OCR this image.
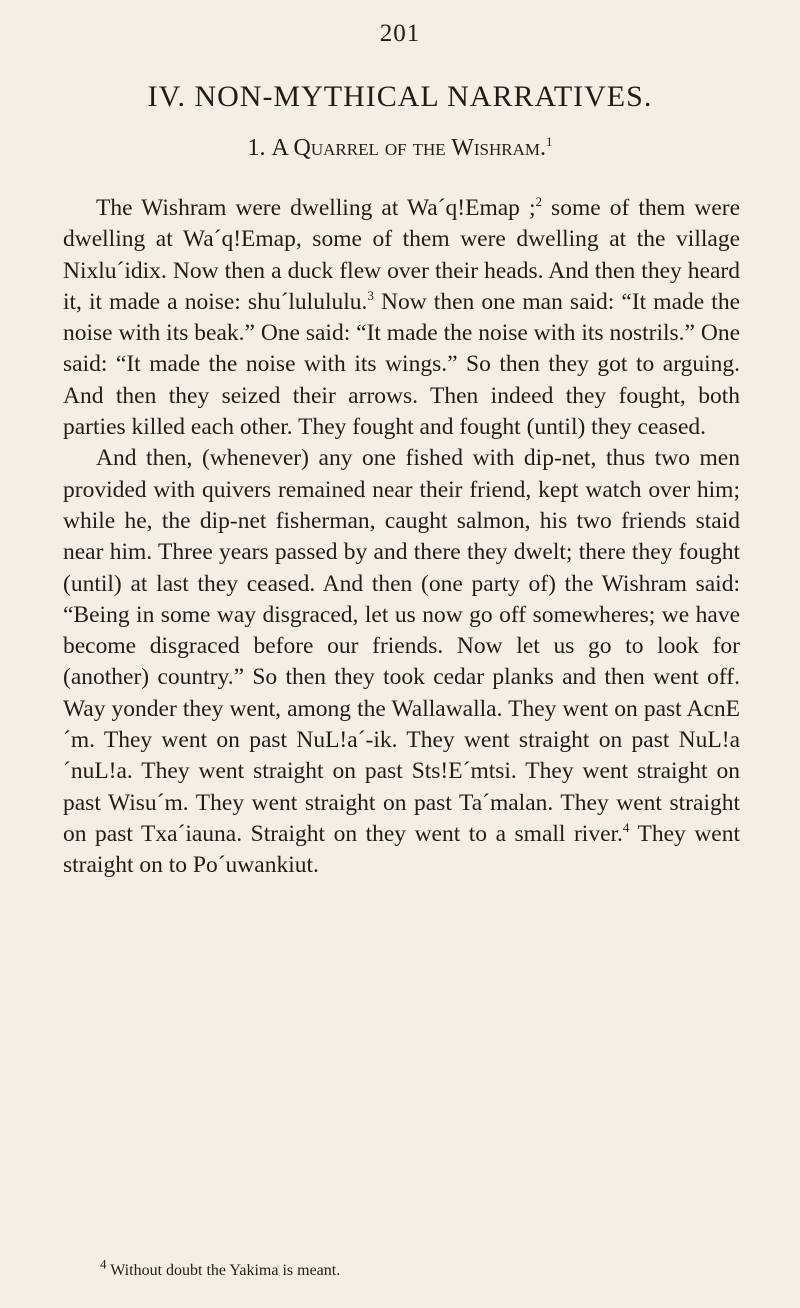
201
IV. NON-MYTHICAL NARRATIVES.
1. A Quarrel of the Wishram.$^1$

The Wishram were dwelling at Wa´q!Emap ;$^2$ some of them were dwelling at Wa´q!Emap, some of them were dwelling at the village Nixlu´idix. Now then a duck flew over their heads. And then they heard it, it made a noise: shu´lulululu.$^3$ Now then one man said: “It made the noise with its beak.” One said: “It made the noise with its nostrils.” One said: “It made the noise with its wings.” So then they got to arguing. And then they seized their arrows. Then indeed they fought, both parties killed each other. They fought and fought (until) they ceased.

And then, (whenever) any one fished with dip-net, thus two men provided with quivers remained near their friend, kept watch over him; while he, the dip-net fisherman, caught salmon, his two friends staid near him. Three years passed by and there they dwelt; there they fought (until) at last they ceased. And then (one party of) the Wishram said: “Being in some way disgraced, let us now go off somewheres; we have become disgraced before our friends. Now let us go to look for (another) country.” So then they took cedar planks and then went off. Way yonder they went, among the Wallawalla. They went on past AcnE´m. They went on past NuL!a´-ik. They went straight on past NuL!a´nuL!a. They went straight on past Sts!E´mtsi. They went straight on past Wisu´m. They went straight on past Ta´malan. They went straight on past Txa´iauna. Straight on they went to a small river.$^4$ They went straight on to Po´uwankiut.

$^4$ Without doubt the Yakima is meant.
